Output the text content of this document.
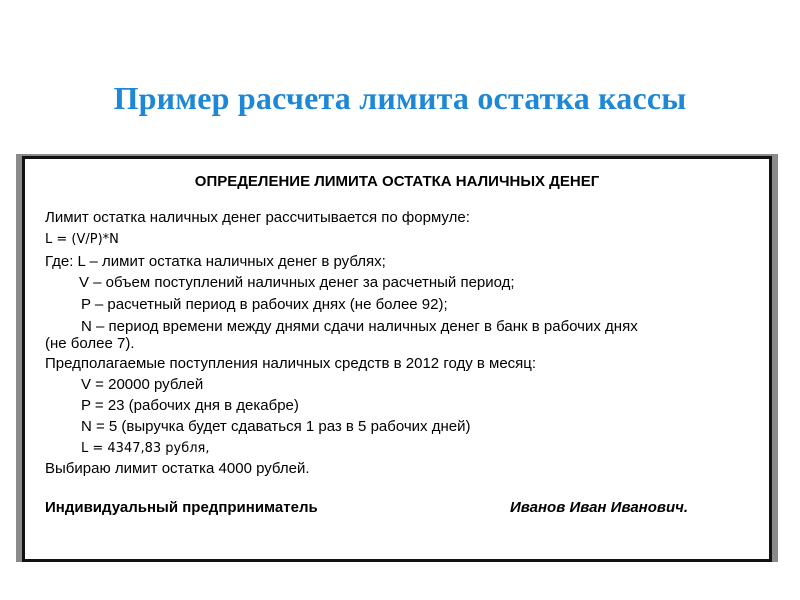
Пример расчета лимита остатка кассы
ОПРЕДЕЛЕНИЕ ЛИМИТА ОСТАТКА НАЛИЧНЫХ ДЕНЕГ
Лимит остатка наличных денег рассчитывается по формуле:
L = (V/P)*N
Где: L – лимит остатка наличных денег в рублях;
V – объем поступлений наличных денег за расчетный период;
P – расчетный период в рабочих днях (не более 92);
N – период времени между днями сдачи наличных денег в банк в рабочих днях
(не более 7).
Предполагаемые поступления наличных средств в 2012 году в месяц:
V = 20000 рублей
P = 23 (рабочих дня в декабре)
N = 5 (выручка будет сдаваться 1 раз в 5 рабочих дней)
L = 4347,83 рубля,
Выбираю лимит остатка 4000 рублей.
Индивидуальный предприниматель	Иванов Иван Иванович.
